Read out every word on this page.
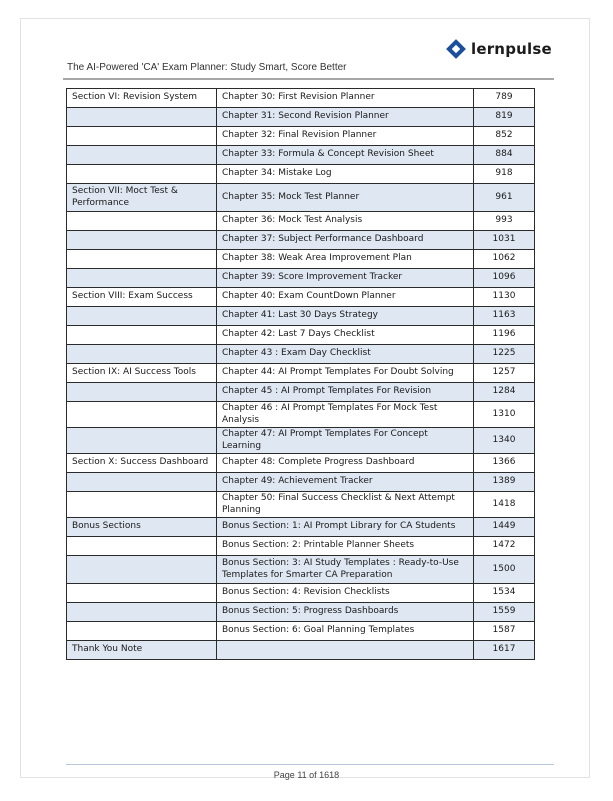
lernpulse
The AI-Powered 'CA' Exam Planner: Study Smart, Score Better
Section VI: Revision System	Chapter 30: First Revision Planner	789
	Chapter 31: Second Revision Planner	819
	Chapter 32: Final Revision Planner	852
	Chapter 33: Formula & Concept Revision Sheet	884
	Chapter 34: Mistake Log	918
Section VII: Moct Test & Performance	Chapter 35: Mock Test Planner	961
	Chapter 36: Mock Test Analysis	993
	Chapter 37: Subject Performance Dashboard	1031
	Chapter 38: Weak Area Improvement Plan	1062
	Chapter 39: Score Improvement Tracker	1096
Section VIII: Exam Success	Chapter 40: Exam CountDown Planner	1130
	Chapter 41: Last 30 Days Strategy	1163
	Chapter 42: Last 7 Days Checklist	1196
	Chapter 43 : Exam Day Checklist	1225
Section IX: AI Success Tools	Chapter 44: AI Prompt Templates For Doubt Solving	1257
	Chapter 45 : AI Prompt Templates For Revision	1284
	Chapter 46 : AI Prompt Templates For Mock Test Analysis	1310
	Chapter 47: AI Prompt Templates For Concept Learning	1340
Section X: Success Dashboard	Chapter 48: Complete Progress Dashboard	1366
	Chapter 49: Achievement Tracker	1389
	Chapter 50: Final Success Checklist & Next Attempt Planning	1418
Bonus Sections	Bonus Section: 1: AI Prompt Library for CA Students	1449
	Bonus Section: 2: Printable Planner Sheets	1472
	Bonus Section: 3: AI Study Templates : Ready-to-Use Templates for Smarter CA Preparation	1500
	Bonus Section: 4: Revision Checklists	1534
	Bonus Section: 5: Progress Dashboards	1559
	Bonus Section: 6: Goal Planning Templates	1587
Thank You Note		1617
Page 11 of 1618
